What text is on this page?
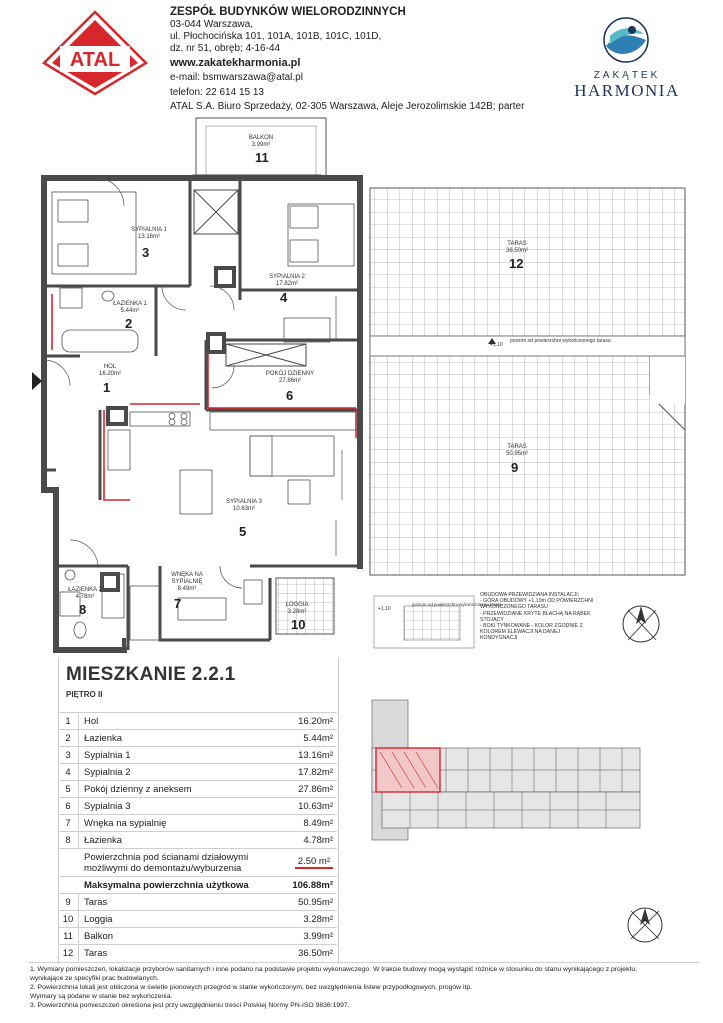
ATAL
ZESPÓŁ BUDYNKÓW WIELORODZINNYCH
03-044 Warszawa,
ul. Płochocińska 101, 101A, 101B, 101C, 101D,
dz. nr 51, obręb; 4-16-44
www.zakatekharmonia.pl
e-mail: bsmwarszawa@atal.pl
telefon: 22 614 15 13
ATAL S.A. Biuro Sprzedaży, 02-305 Warszawa, Aleje Jerozolimskie 142B; parter
ZAKĄTEK
HARMONIA
+1.10
poziom od powierzchni wykończonego tarasu
+1.10
poziom od powierzchni wykończonego tarasu
SYPIALNIA 1
13.16m²
3
ŁAZIENKA 1
5.44m²
2
SYPIALNIA 2
17.82m²
4
HOL
16.20m²
1
POKÓJ DZIENNY
27.86m²
6
SYPIALNIA 3
10.63m²
5
WNĘKA NA
SYPIALNIĘ
8.49m²
7
ŁAZIENKA 2
4.78m²
8
TARAS
50.95m²
9
LOGGIA
3.28m²
10
BALKON
3.99m²
11
TARAS
36.50m²
12
OBUDOWA PRZEWIDZIANA INSTALACJI:
- GÓRA OBUDOWY +1,10m OD POWIERZCHNI
WYKOŃCZONEGO TARASU
- PRZEWIDZIANE KRYTE BLACHĄ NA RĄBEK
STOJĄCY
- BOKI TYNKOWANE - KOLOR ZGODNIE Z
KOLOREM ELEWACJI NA DANEJ
KONDYGNACJI
MIESZKANIE 2.2.1
PIĘTRO II
1	Hol	16.20m²
2	Łazienka	5.44m²
3	Sypialnia 1	13.16m²
4	Sypialnia 2	17.82m²
5	Pokój dzienny z aneksem	27.86m²
6	Sypialnia 3	10.63m²
7	Wnęka na sypialnię	8.49m²
8	Łazienka	4.78m²
Powierzchnia pod ścianami działowymi
możliwymi do demontażu/wyburzenia
2.50 m²
Maksymalna powierzchnia użytkowa	106.88m²
9	Taras	50.95m²
10	Loggia	3.28m²
11	Balkon	3.99m²
12	Taras	36.50m²
1. Wymiary pomieszczeń, lokalizacje przyborów sanitarnych i inne podano na podstawie projektu wykonawczego. W trakcie budowy mogą wystąpić różnice w stosunku do stanu wynikającego z projektu,
wynikające ze specyfiki prac budowlanych.
2. Powierzchnia lokali jest obliczona w świetle pionowych przegród w stanie wykończonym, bez uwzględnienia listew przypodłogowych, progów itp.
Wymiary są podane w stanie bez wykończenia.
3. Powierzchnia pomieszczeń określona jest przy uwzględnieniu treści Polskiej Normy PN-ISO 9836:1997.
